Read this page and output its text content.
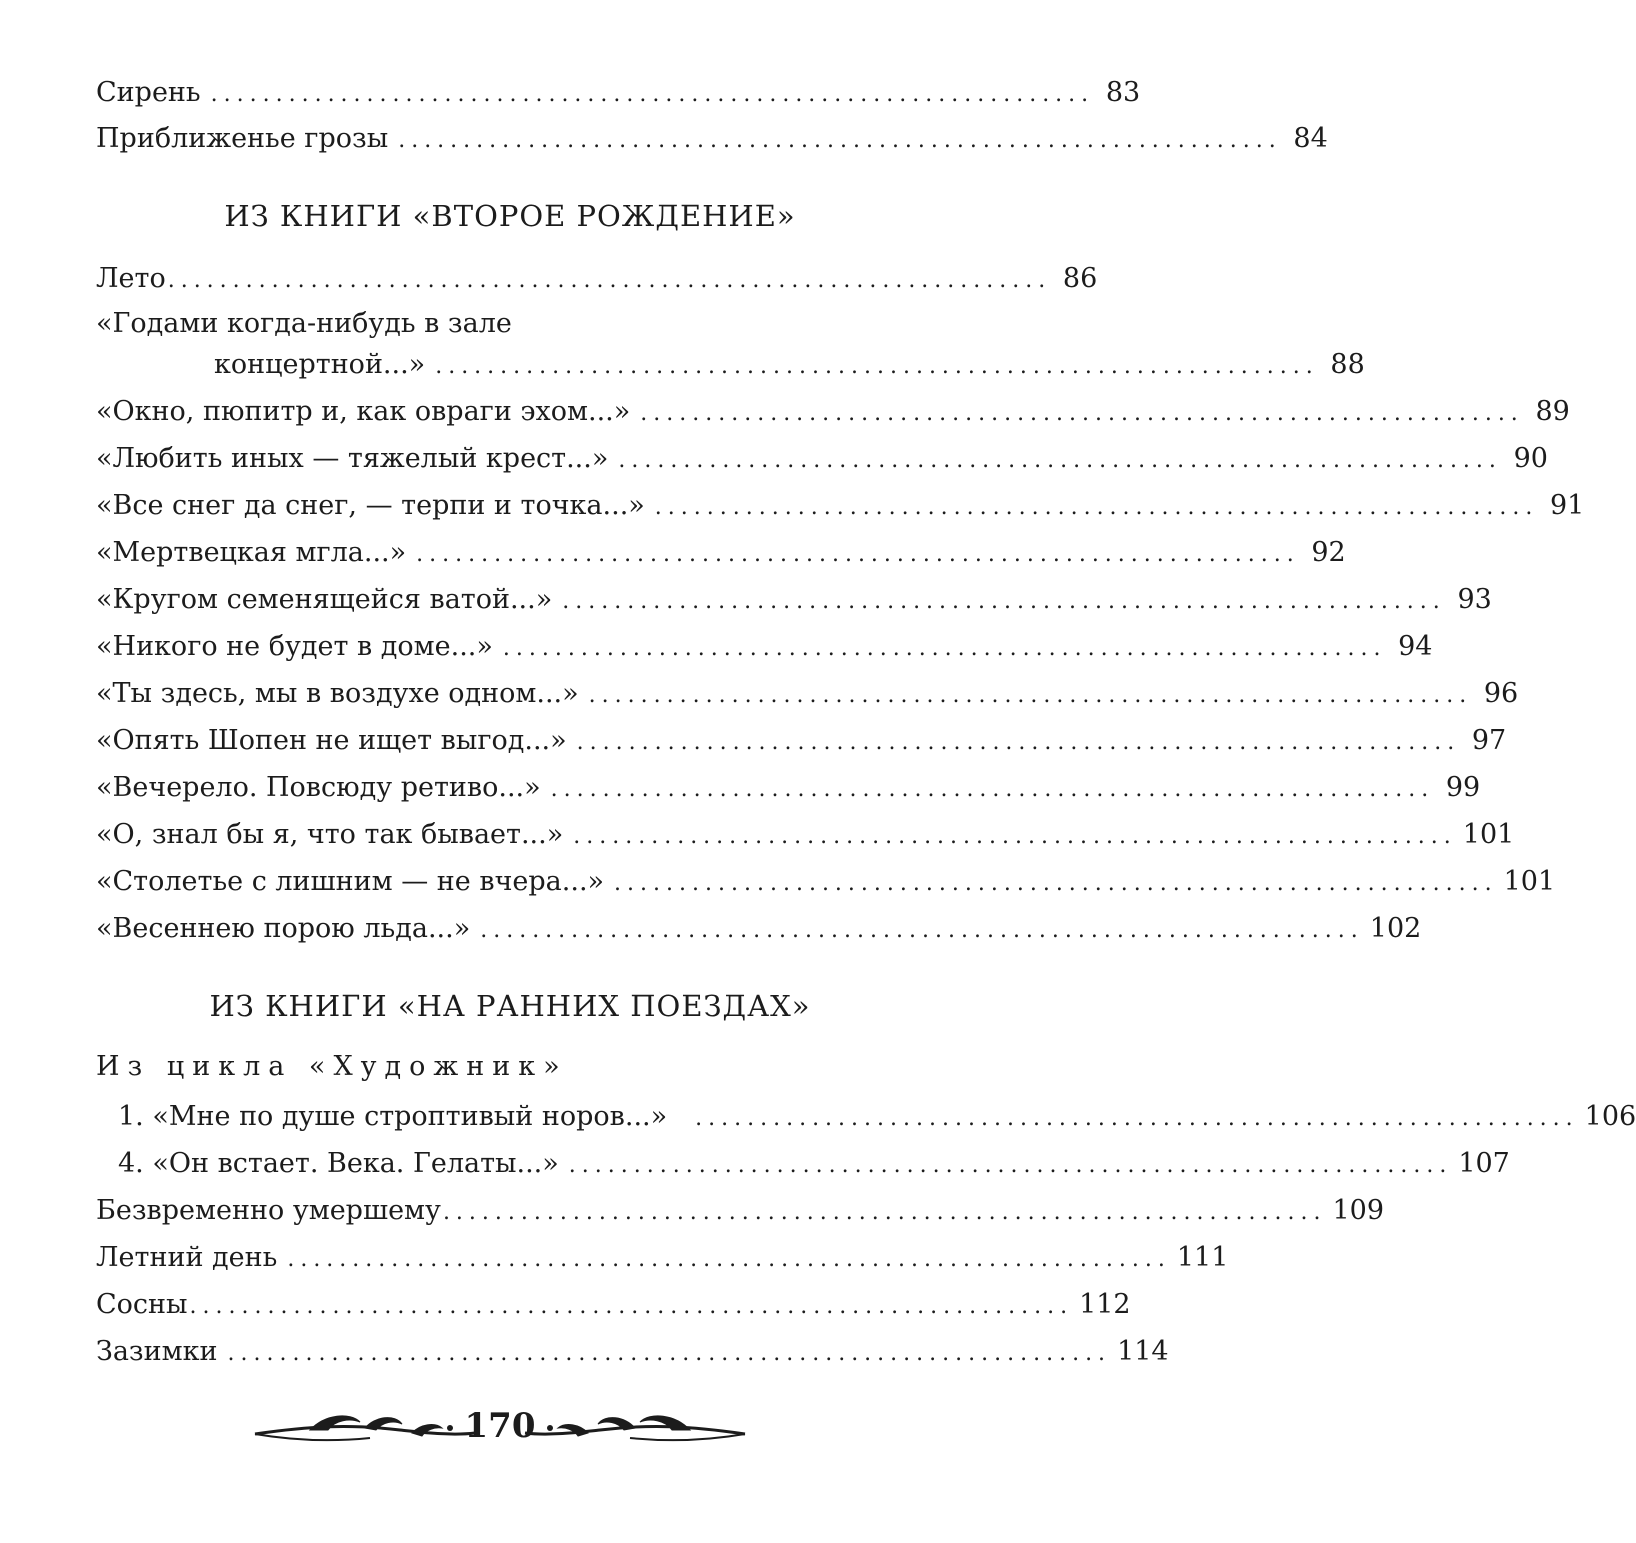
Сирень .................................................................... 83
Приближенье грозы .................................................................... 84
ИЗ КНИГИ «ВТОРОЕ РОЖДЕНИЕ»
Лето .................................................................... 86
«Годами когда-нибудь в зале
концертной...» .................................................................... 88
«Окно, пюпитр и, как овраги эхом...» .................................................................... 89
«Любить иных — тяжелый крест...» .................................................................... 90
«Все снег да снег, — терпи и точка...» .................................................................... 91
«Мертвецкая мгла...» .................................................................... 92
«Кругом семенящейся ватой...» .................................................................... 93
«Никого не будет в доме...» .................................................................... 94
«Ты здесь, мы в воздухе одном...» .................................................................... 96
«Опять Шопен не ищет выгод...» .................................................................... 97
«Вечерело. Повсюду ретиво...» .................................................................... 99
«О, знал бы я, что так бывает...» .................................................................... 101
«Столетье с лишним — не вчера...» .................................................................... 101
«Весеннею порою льда...» .................................................................... 102
ИЗ КНИГИ «НА РАННИХ ПОЕЗДАХ»
Из цикла «Художник»
1. «Мне по душе строптивый норов...» .................................................................... 106
4. «Он встает. Века. Гелаты...» .................................................................... 107
Безвременно умершему .................................................................... 109
Летний день .................................................................... 111
Сосны .................................................................... 112
Зазимки .................................................................... 114
170
